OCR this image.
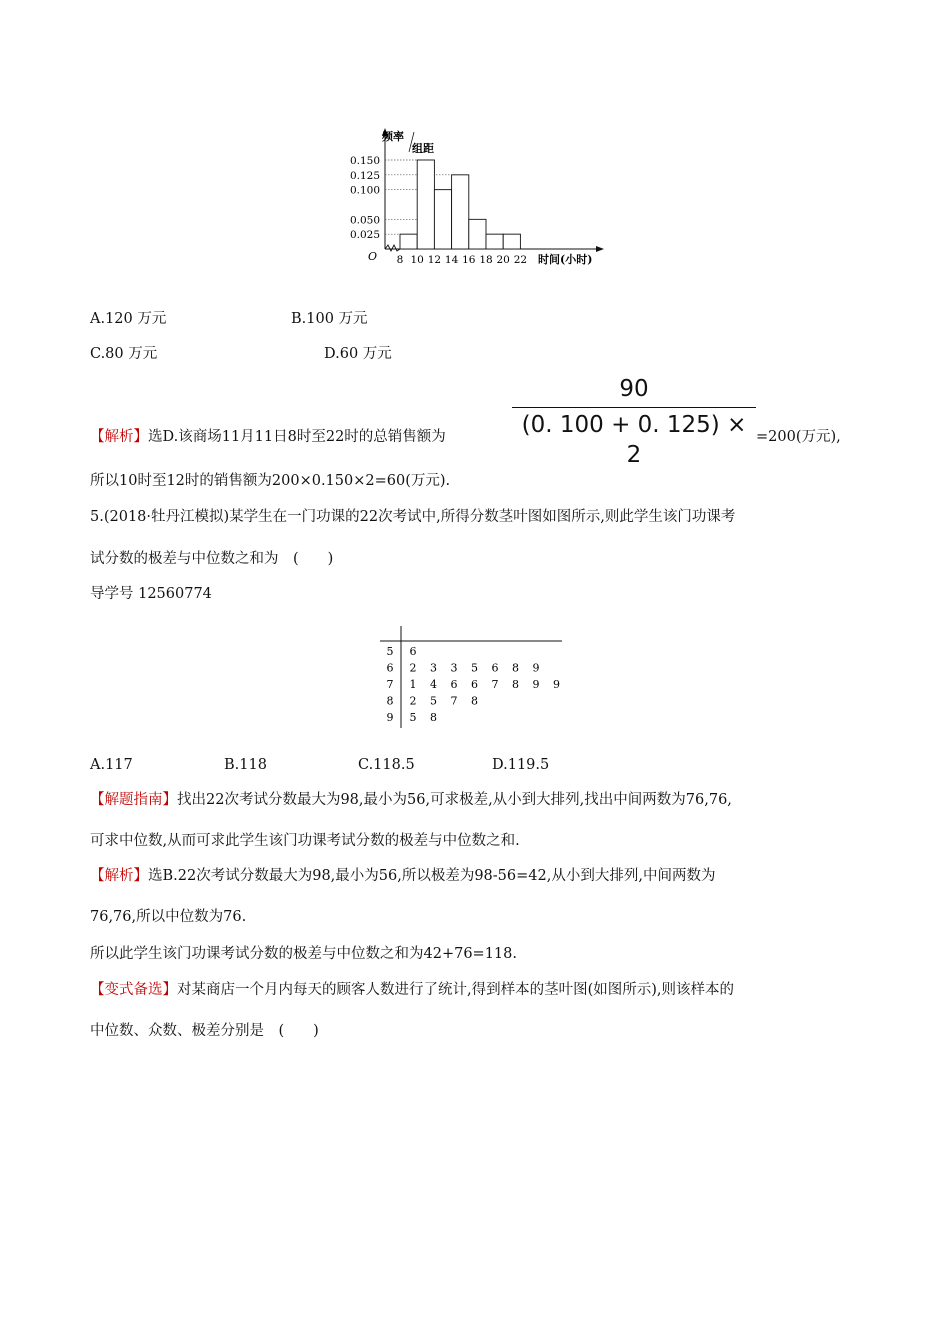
频率
组距
O
0.150
0.125
0.100
0.050
0.025
8 10 12 14 16 18 20 22 时间(小时)
A.120 万元	B.100 万元
C.80 万元	D.60 万元
【解析】选D.该商场11月11日8时至22时的总销售额为
90
(0. 100 + 0. 125) × 2
=200(万元),
所以10时至12时的销售额为200×0.150×2=60(万元).
5.(2018·牡丹江模拟)某学生在一门功课的22次考试中,所得分数茎叶图如图所示,则此学生该门功课考
试分数的极差与中位数之和为　(　　)
导学号 12560774
5 6
6 2 3 3 5 6 8 9
7 1 4 6 6 7 8 9 9
8 2 5 7 8
9 5 8
A.117	B.118	C.118.5	D.119.5
【解题指南】找出22次考试分数最大为98,最小为56,可求极差,从小到大排列,找出中间两数为76,76,
可求中位数,从而可求此学生该门功课考试分数的极差与中位数之和.
【解析】选B.22次考试分数最大为98,最小为56,所以极差为98-56=42,从小到大排列,中间两数为
76,76,所以中位数为76.
所以此学生该门功课考试分数的极差与中位数之和为42+76=118.
【变式备选】对某商店一个月内每天的顾客人数进行了统计,得到样本的茎叶图(如图所示),则该样本的
中位数、众数、极差分别是　(　　)
